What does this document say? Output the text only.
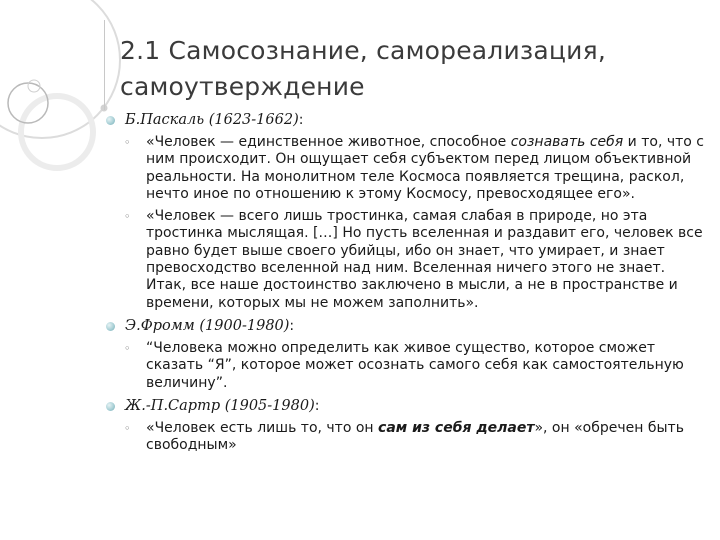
2.1 Самосознание, самореализация,
самоутверждение
Б.Паскаль (1623-1662):
◦ «Человек — единственное животное, способное сознавать себя и то, что с ним происходит. Он ощущает себя субъектом перед лицом объективной реальности. На монолитном теле Космоса появляется трещина, раскол, нечто иное по отношению к этому Космосу, превосходящее его».
◦ «Человек — всего лишь тростинка, самая слабая в природе, но эта тростинка мыслящая. […] Но пусть вселенная и раздавит его, человек все равно будет выше своего убийцы, ибо он знает, что умирает, и знает превосходство вселенной над ним. Вселенная ничего этого не знает. Итак, все наше достоинство заключено в мысли, а не в пространстве и времени, которых мы не можем заполнить».
Э.Фромм (1900-1980):
◦ “Человека можно определить как живое существо, которое сможет сказать “Я”, которое может осознать самого себя как самостоятельную величину”.
Ж.-П.Сартр (1905-1980):
◦ «Человек есть лишь то, что он сам из себя делает», он «обречен быть свободным»
